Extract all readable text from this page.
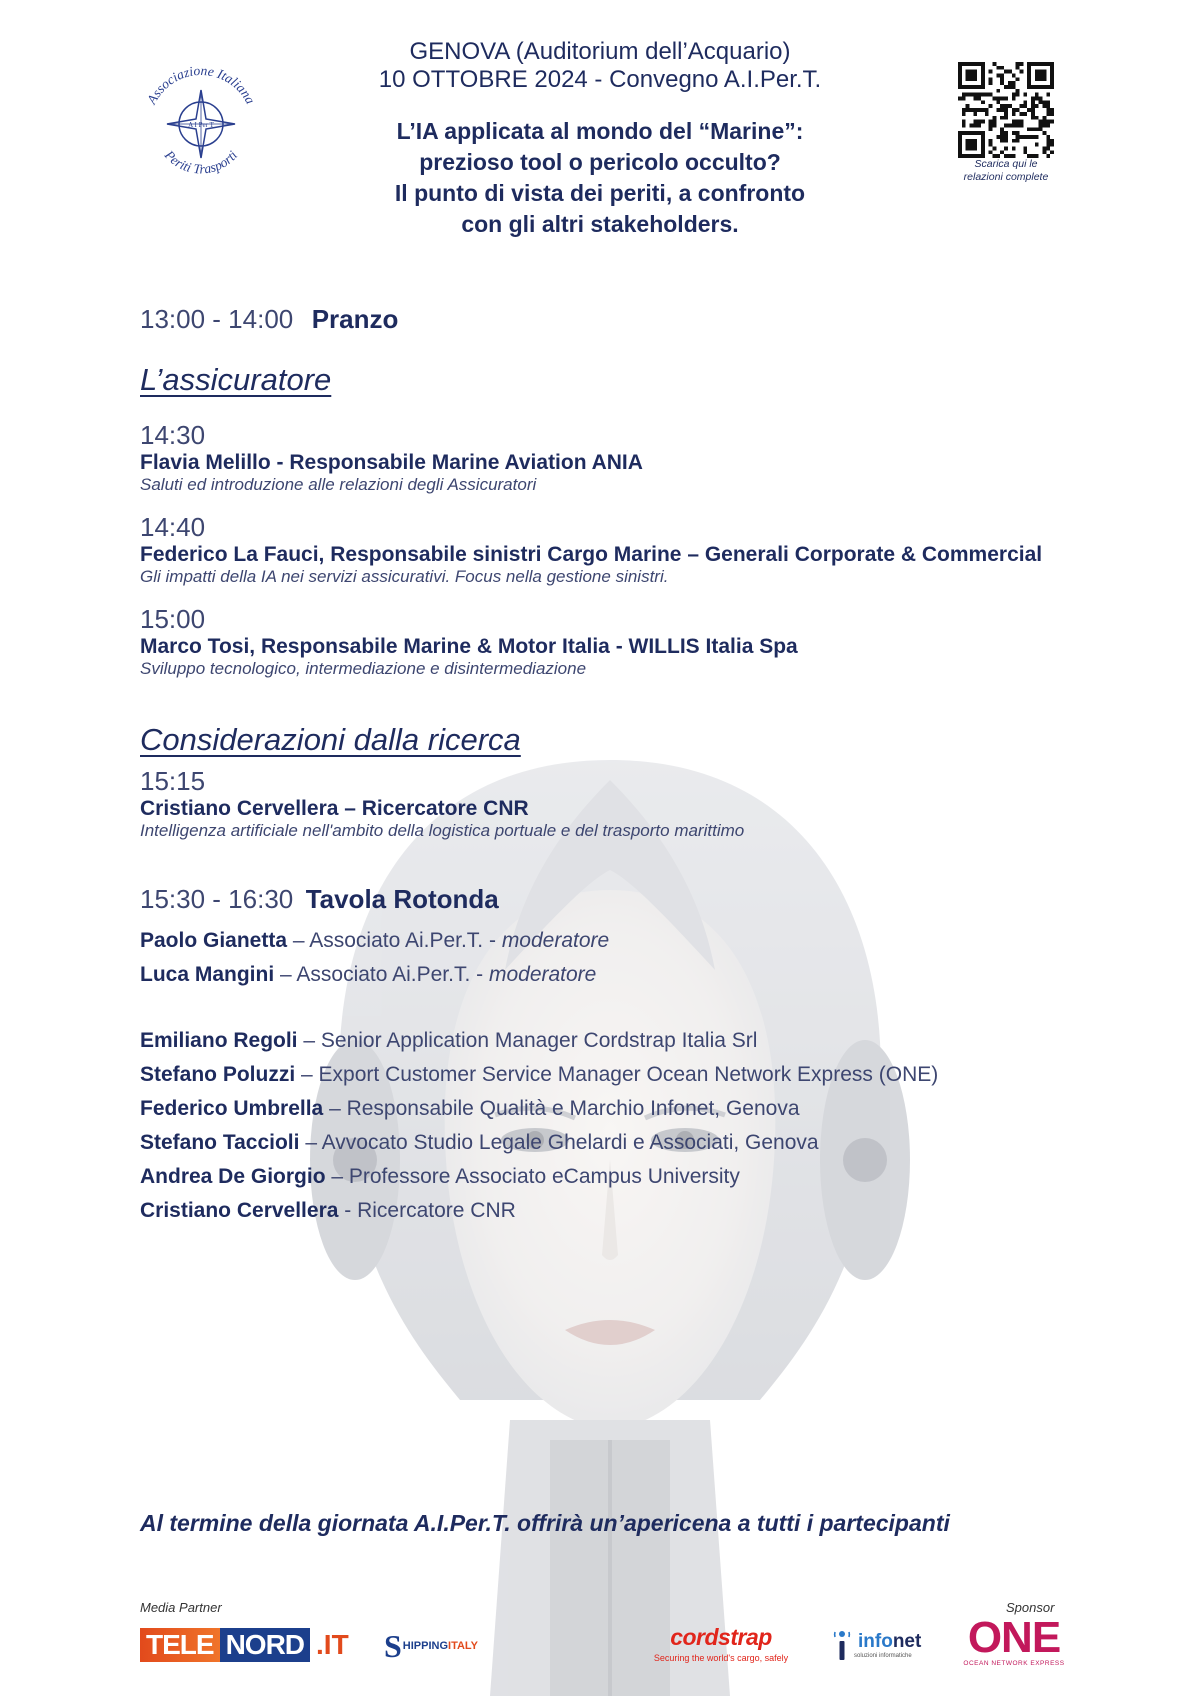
Associazione Italiana
Periti Trasporti
A I Per T
GENOVA (Auditorium dell’Acquario)
10 OTTOBRE 2024 - Convegno A.I.Per.T.
L’IA applicata al mondo del “Marine”:
prezioso tool o pericolo occulto?
Il punto di vista dei periti, a confronto
con gli altri stakeholders.
Scarica qui le
relazioni complete
13:00 - 14:00 Pranzo
L’assicuratore
14:30
Flavia Melillo - Responsabile Marine Aviation ANIA
Saluti ed introduzione alle relazioni degli Assicuratori
14:40
Federico La Fauci, Responsabile sinistri Cargo Marine – Generali Corporate & Commercial
Gli impatti della IA nei servizi assicurativi. Focus nella gestione sinistri.
15:00
Marco Tosi, Responsabile Marine & Motor Italia - WILLIS Italia Spa
Sviluppo tecnologico, intermediazione e disintermediazione
Considerazioni dalla ricerca
15:15
Cristiano Cervellera – Ricercatore CNR
Intelligenza artificiale nell'ambito della logistica portuale e del trasporto marittimo
15:30 - 16:30 Tavola Rotonda
Paolo Gianetta – Associato Ai.Per.T. - moderatore
Luca Mangini – Associato Ai.Per.T. - moderatore
Emiliano Regoli – Senior Application Manager Cordstrap Italia Srl
Stefano Poluzzi – Export Customer Service Manager Ocean Network Express (ONE)
Federico Umbrella – Responsabile Qualità e Marchio Infonet, Genova
Stefano Taccioli – Avvocato Studio Legale Ghelardi e Associati, Genova
Andrea De Giorgio – Professore Associato eCampus University
Cristiano Cervellera - Ricercatore CNR
Al termine della giornata A.I.Per.T. offrirà un’apericena a tutti i partecipanti
Media Partner	Sponsor
TELE NORD .IT S HIPPINGITALY	cordstrap
Securing the world's cargo, safely
infonet
soluzioni informatiche ONE
OCEAN NETWORK EXPRESS
